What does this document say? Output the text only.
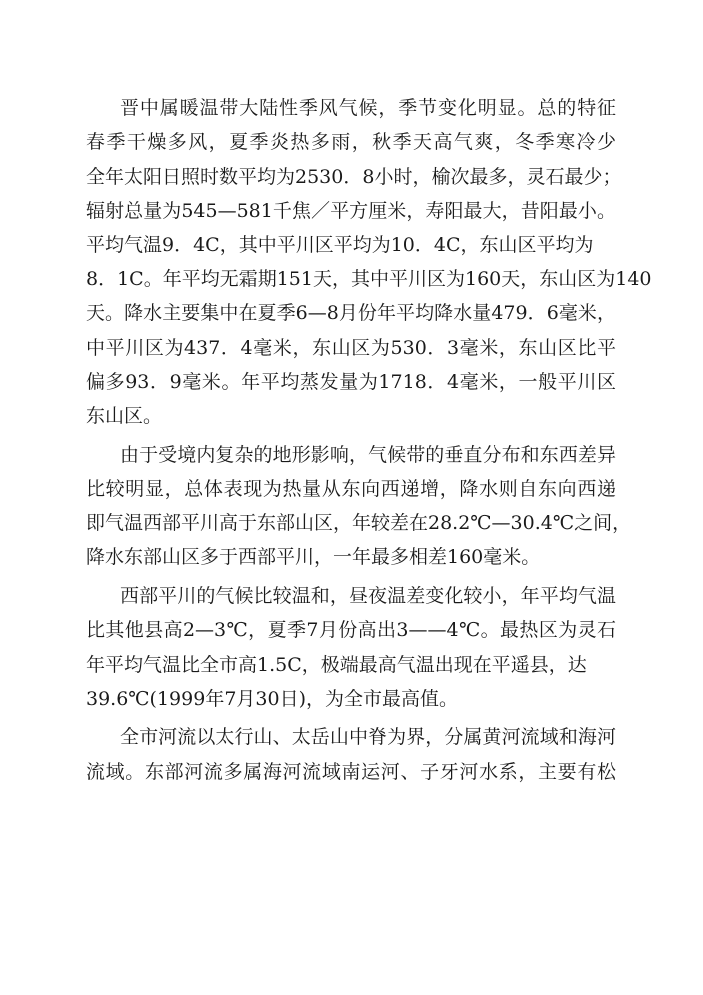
晋中属暖温带大陆性季风气候，季节变化明显。总的特征
春季干燥多风，夏季炎热多雨，秋季天高气爽，冬季寒冷少
全年太阳日照时数平均为2530．8小时，榆次最多，灵石最少；
辐射总量为545—581千焦／平方厘米，寿阳最大，昔阳最小。
平均气温9．4C，其中平川区平均为10．4C，东山区平均为
8．1C。年平均无霜期151天，其中平川区为160天，东山区为140
天。降水主要集中在夏季6—8月份年平均降水量479．6毫米，
中平川区为437．4毫米，东山区为530．3毫米，东山区比平
偏多93．9毫米。年平均蒸发量为1718．4毫米，一般平川区
东山区。
由于受境内复杂的地形影响，气候带的垂直分布和东西差异
比较明显，总体表现为热量从东向西递增，降水则自东向西递
即气温西部平川高于东部山区，年较差在28.2℃—30.4℃之间，
降水东部山区多于西部平川，一年最多相差160毫米。
西部平川的气候比较温和，昼夜温差变化较小，年平均气温
比其他县高2—3℃，夏季7月份高出3——4℃。最热区为灵石
年平均气温比全市高1.5C，极端最高气温出现在平遥县，达
39.6℃(1999年7月30日)，为全市最高值。
全市河流以太行山、太岳山中脊为界，分属黄河流域和海河
流域。东部河流多属海河流域南运河、子牙河水系，主要有松
